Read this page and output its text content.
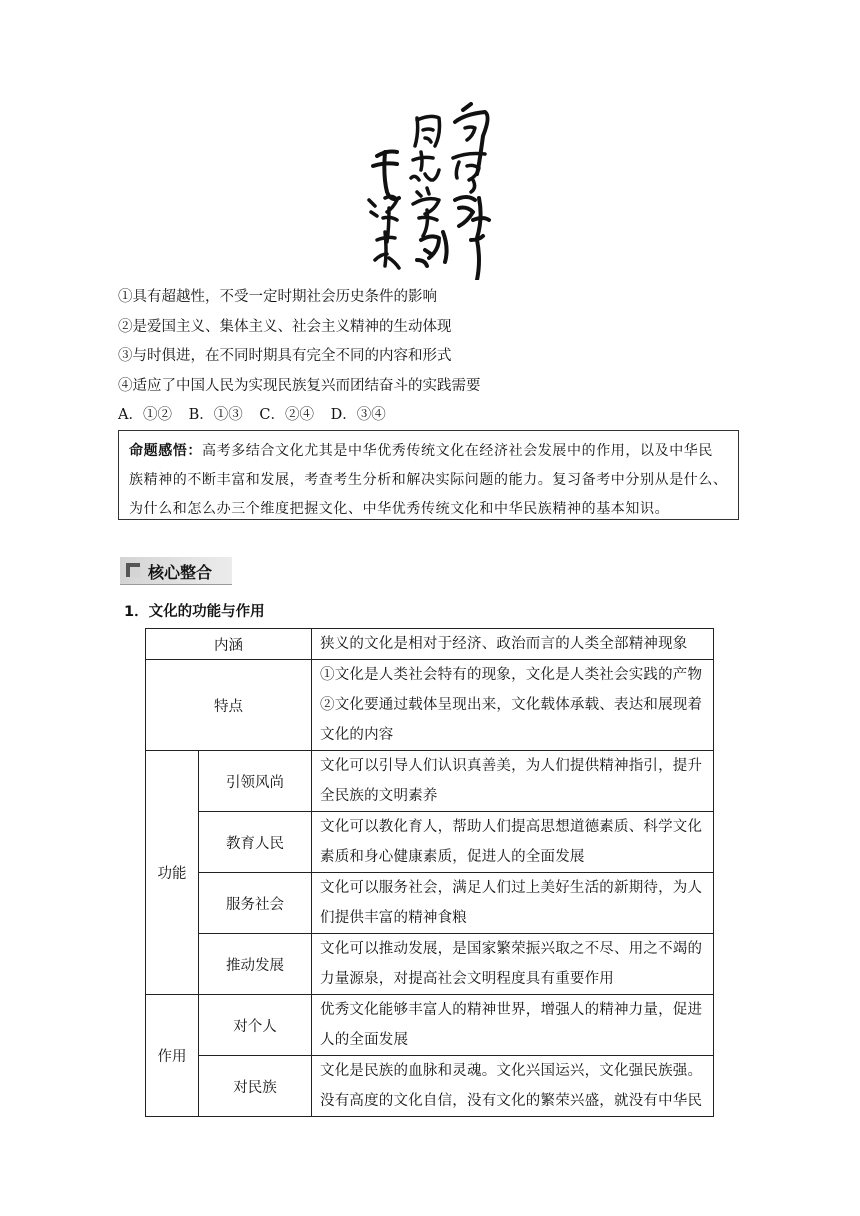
①具有超越性，不受一定时期社会历史条件的影响
②是爱国主义、集体主义、社会主义精神的生动体现
③与时俱进，在不同时期具有完全不同的内容和形式
④适应了中国人民为实现民族复兴而团结奋斗的实践需要
A．①② B．①③ C．②④ D．③④
命题感悟：高考多结合文化尤其是中华优秀传统文化在经济社会发展中的作用，以及中华民
族精神的不断丰富和发展，考查考生分析和解决实际问题的能力。复习备考中分别从是什么、
为什么和怎么办三个维度把握文化、中华优秀传统文化和中华民族精神的基本知识。
核心整合
1．文化的功能与作用
内涵		狭义的文化是相对于经济、政治而言的人类全部精神现象

特点		①文化是人类社会特有的现象，文化是人类社会实践的产物
②文化要通过载体呈现出来，文化载体承载、表达和展现着
文化的内容

功能	引领风尚	文化可以引导人们认识真善美，为人们提供精神指引，提升
全民族的文明素养

	教育人民	文化可以教化育人，帮助人们提高思想道德素质、科学文化
素质和身心健康素质，促进人的全面发展

	服务社会	文化可以服务社会，满足人们过上美好生活的新期待，为人
们提供丰富的精神食粮

	推动发展	文化可以推动发展，是国家繁荣振兴取之不尽、用之不竭的
力量源泉，对提高社会文明程度具有重要作用

作用	对个人	优秀文化能够丰富人的精神世界，增强人的精神力量，促进
人的全面发展

	对民族	文化是民族的血脉和灵魂。文化兴国运兴，文化强民族强。
没有高度的文化自信，没有文化的繁荣兴盛，就没有中华民
